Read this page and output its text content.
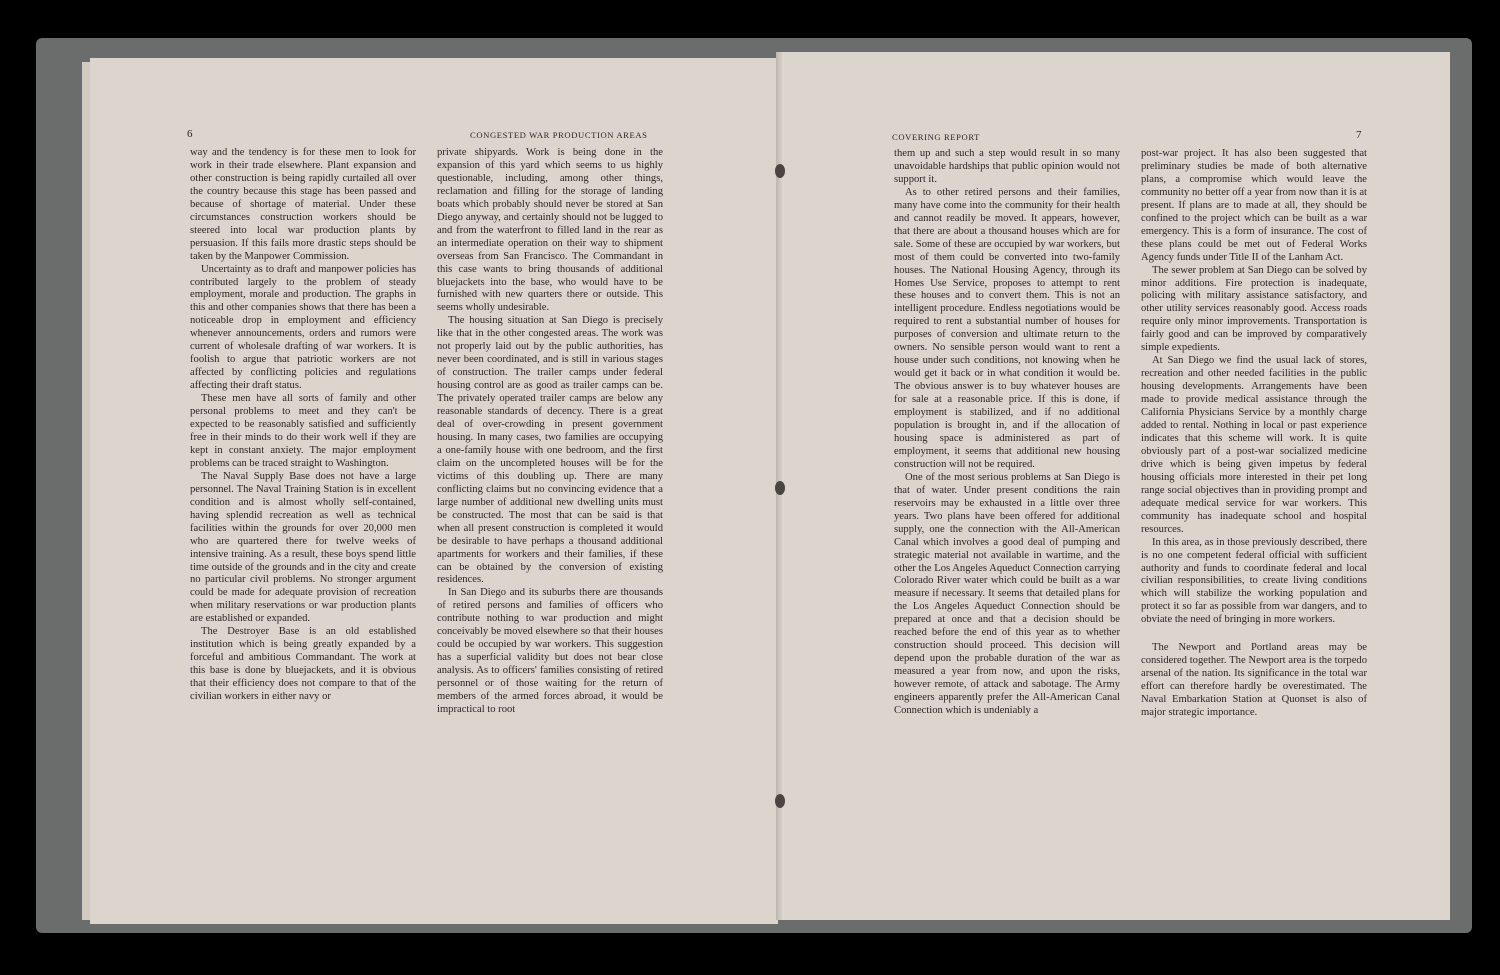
6	CONGESTED WAR PRODUCTION AREAS

way and the tendency is for these men to look for work in their trade elsewhere. Plant expansion and other construction is being rapidly curtailed all over the country because this stage has been passed and because of shortage of material. Under these circumstances construction workers should be steered into local war production plants by persuasion. If this fails more drastic steps should be taken by the Manpower Commission.

Uncertainty as to draft and manpower policies has contributed largely to the problem of steady employment, morale and production. The graphs in this and other companies shows that there has been a noticeable drop in employment and efficiency whenever announcements, orders and rumors were current of wholesale drafting of war workers. It is foolish to argue that patriotic workers are not affected by conflicting policies and regulations affecting their draft status.

These men have all sorts of family and other personal problems to meet and they can't be expected to be reasonably satisfied and sufficiently free in their minds to do their work well if they are kept in constant anxiety. The major employment problems can be traced straight to Washington.

The Naval Supply Base does not have a large personnel. The Naval Training Station is in excellent condition and is almost wholly self-contained, having splendid recreation as well as technical facilities within the grounds for over 20,000 men who are quartered there for twelve weeks of intensive training. As a result, these boys spend little time outside of the grounds and in the city and create no particular civil problems. No stronger argument could be made for adequate provision of recreation when military reservations or war production plants are established or expanded.

The Destroyer Base is an old established institution which is being greatly expanded by a forceful and ambitious Commandant. The work at this base is done by bluejackets, and it is obvious that their efficiency does not compare to that of the civilian workers in either navy or

private shipyards. Work is being done in the expansion of this yard which seems to us highly questionable, including, among other things, reclamation and filling for the storage of landing boats which probably should never be stored at San Diego anyway, and certainly should not be lugged to and from the waterfront to filled land in the rear as an intermediate operation on their way to shipment overseas from San Francisco. The Commandant in this case wants to bring thousands of additional bluejackets into the base, who would have to be furnished with new quarters there or outside. This seems wholly undesirable.

The housing situation at San Diego is precisely like that in the other congested areas. The work was not properly laid out by the public authorities, has never been coordinated, and is still in various stages of construction. The trailer camps under federal housing control are as good as trailer camps can be. The privately operated trailer camps are below any reasonable standards of decency. There is a great deal of over-crowding in present government housing. In many cases, two families are occupying a one-family house with one bedroom, and the first claim on the uncompleted houses will be for the victims of this doubling up. There are many conflicting claims but no convincing evidence that a large number of additional new dwelling units must be constructed. The most that can be said is that when all present construction is completed it would be desirable to have perhaps a thousand additional apartments for workers and their families, if these can be obtained by the conversion of existing residences.

In San Diego and its suburbs there are thousands of retired persons and families of officers who contribute nothing to war production and might conceivably be moved elsewhere so that their houses could be occupied by war workers. This suggestion has a superficial validity but does not bear close analysis. As to officers' families consisting of retired personnel or of those waiting for the return of members of the armed forces abroad, it would be impractical to root

COVERING REPORT	7

them up and such a step would result in so many unavoidable hardships that public opinion would not support it.

As to other retired persons and their families, many have come into the community for their health and cannot readily be moved. It appears, however, that there are about a thousand houses which are for sale. Some of these are occupied by war workers, but most of them could be converted into two-family houses. The National Housing Agency, through its Homes Use Service, proposes to attempt to rent these houses and to convert them. This is not an intelligent procedure. Endless negotiations would be required to rent a substantial number of houses for purposes of conversion and ultimate return to the owners. No sensible person would want to rent a house under such conditions, not knowing when he would get it back or in what condition it would be. The obvious answer is to buy whatever houses are for sale at a reasonable price. If this is done, if employment is stabilized, and if no additional population is brought in, and if the allocation of housing space is administered as part of employment, it seems that additional new housing construction will not be required.

One of the most serious problems at San Diego is that of water. Under present conditions the rain reservoirs may be exhausted in a little over three years. Two plans have been offered for additional supply, one the connection with the All-American Canal which involves a good deal of pumping and strategic material not available in wartime, and the other the Los Angeles Aqueduct Connection carrying Colorado River water which could be built as a war measure if necessary. It seems that detailed plans for the Los Angeles Aqueduct Connection should be prepared at once and that a decision should be reached before the end of this year as to whether construction should proceed. This decision will depend upon the probable duration of the war as measured a year from now, and upon the risks, however remote, of attack and sabotage. The Army engineers apparently prefer the All-American Canal Connection which is undeniably a

post-war project. It has also been suggested that preliminary studies be made of both alternative plans, a compromise which would leave the community no better off a year from now than it is at present. If plans are to made at all, they should be confined to the project which can be built as a war emergency. This is a form of insurance. The cost of these plans could be met out of Federal Works Agency funds under Title II of the Lanham Act.

The sewer problem at San Diego can be solved by minor additions. Fire protection is inadequate, policing with military assistance satisfactory, and other utility services reasonably good. Access roads require only minor improvements. Transportation is fairly good and can be improved by comparatively simple expedients.

At San Diego we find the usual lack of stores, recreation and other needed facilities in the public housing developments. Arrangements have been made to provide medical assistance through the California Physicians Service by a monthly charge added to rental. Nothing in local or past experience indicates that this scheme will work. It is quite obviously part of a post-war socialized medicine drive which is being given impetus by federal housing officials more interested in their pet long range social objectives than in providing prompt and adequate medical service for war workers. This community has inadequate school and hospital resources.

In this area, as in those previously described, there is no one competent federal official with sufficient authority and funds to coordinate federal and local civilian responsibilities, to create living conditions which will stabilize the working population and protect it so far as possible from war dangers, and to obviate the need of bringing in more workers.

The Newport and Portland areas may be considered together. The Newport area is the torpedo arsenal of the nation. Its significance in the total war effort can therefore hardly be overestimated. The Naval Embarkation Station at Quonset is also of major strategic importance.
